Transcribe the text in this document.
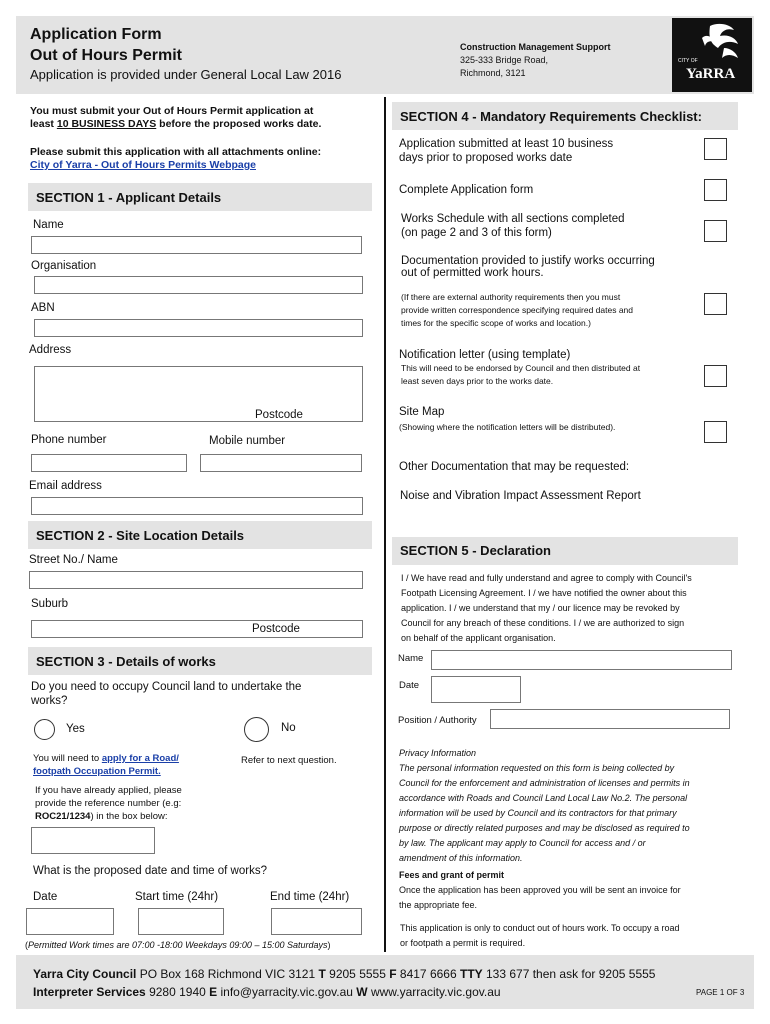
Application Form
Out of Hours Permit
Application is provided under General Local Law 2016
Construction Management Support
325-333 Bridge Road,
Richmond, 3121
CITY OF
YaRRA
You must submit your Out of Hours Permit application at
least 10 BUSINESS DAYS before the proposed works date.
Please submit this application with all attachments online:
City of Yarra - Out of Hours Permits Webpage
SECTION 1 - Applicant Details
Name
Organisation
ABN
Address
Postcode
Phone number	Mobile number
Email address
SECTION 2 - Site Location Details
Street No./ Name
Suburb
Postcode
SECTION 3 - Details of works
Do you need to occupy Council land to undertake the
works?
Yes	No
You will need to apply for a Road/
footpath Occupation Permit.
Refer to next question.
If you have already applied, please
provide the reference number (e.g:
ROC21/1234) in the box below:
What is the proposed date and time of works?
Date	Start time (24hr)	End time (24hr)
(Permitted Work times are 07:00 -18:00 Weekdays 09:00 – 15:00 Saturdays)
SECTION 4 - Mandatory Requirements Checklist:
Application submitted at least 10 business
days prior to proposed works date
Complete Application form
Works Schedule with all sections completed
(on page 2 and 3 of this form)
Documentation provided to justify works occurring
out of permitted work hours.
(If there are external authority requirements then you must
provide written correspondence specifying required dates and
times for the specific scope of works and location.)
Notification letter (using template)
This will need to be endorsed by Council and then distributed at
least seven days prior to the works date.
Site Map
(Showing where the notification letters will be distributed).
Other Documentation that may be requested:
Noise and Vibration Impact Assessment Report
SECTION 5 - Declaration
I / We have read and fully understand and agree to comply with Council's
Footpath Licensing Agreement. I / we have notified the owner about this
application. I / we understand that my / our licence may be revoked by
Council for any breach of these conditions. I / we are authorized to sign
on behalf of the applicant organisation.
Name
Date
Position / Authority
Privacy Information
The personal information requested on this form is being collected by
Council for the enforcement and administration of licenses and permits in
accordance with Roads and Council Land Local Law No.2. The personal
information will be used by Council and its contractors for that primary
purpose or directly related purposes and may be disclosed as required to
by law. The applicant may apply to Council for access and / or
amendment of this information.
Fees and grant of permit
Once the application has been approved you will be sent an invoice for
the appropriate fee.
This application is only to conduct out of hours work. To occupy a road
or footpath a permit is required.
Yarra City Council PO Box 168 Richmond VIC 3121 T 9205 5555 F 8417 6666 TTY 133 677 then ask for 9205 5555
Interpreter Services 9280 1940 E info@yarracity.vic.gov.au W www.yarracity.vic.gov.au	PAGE 1 OF 3
